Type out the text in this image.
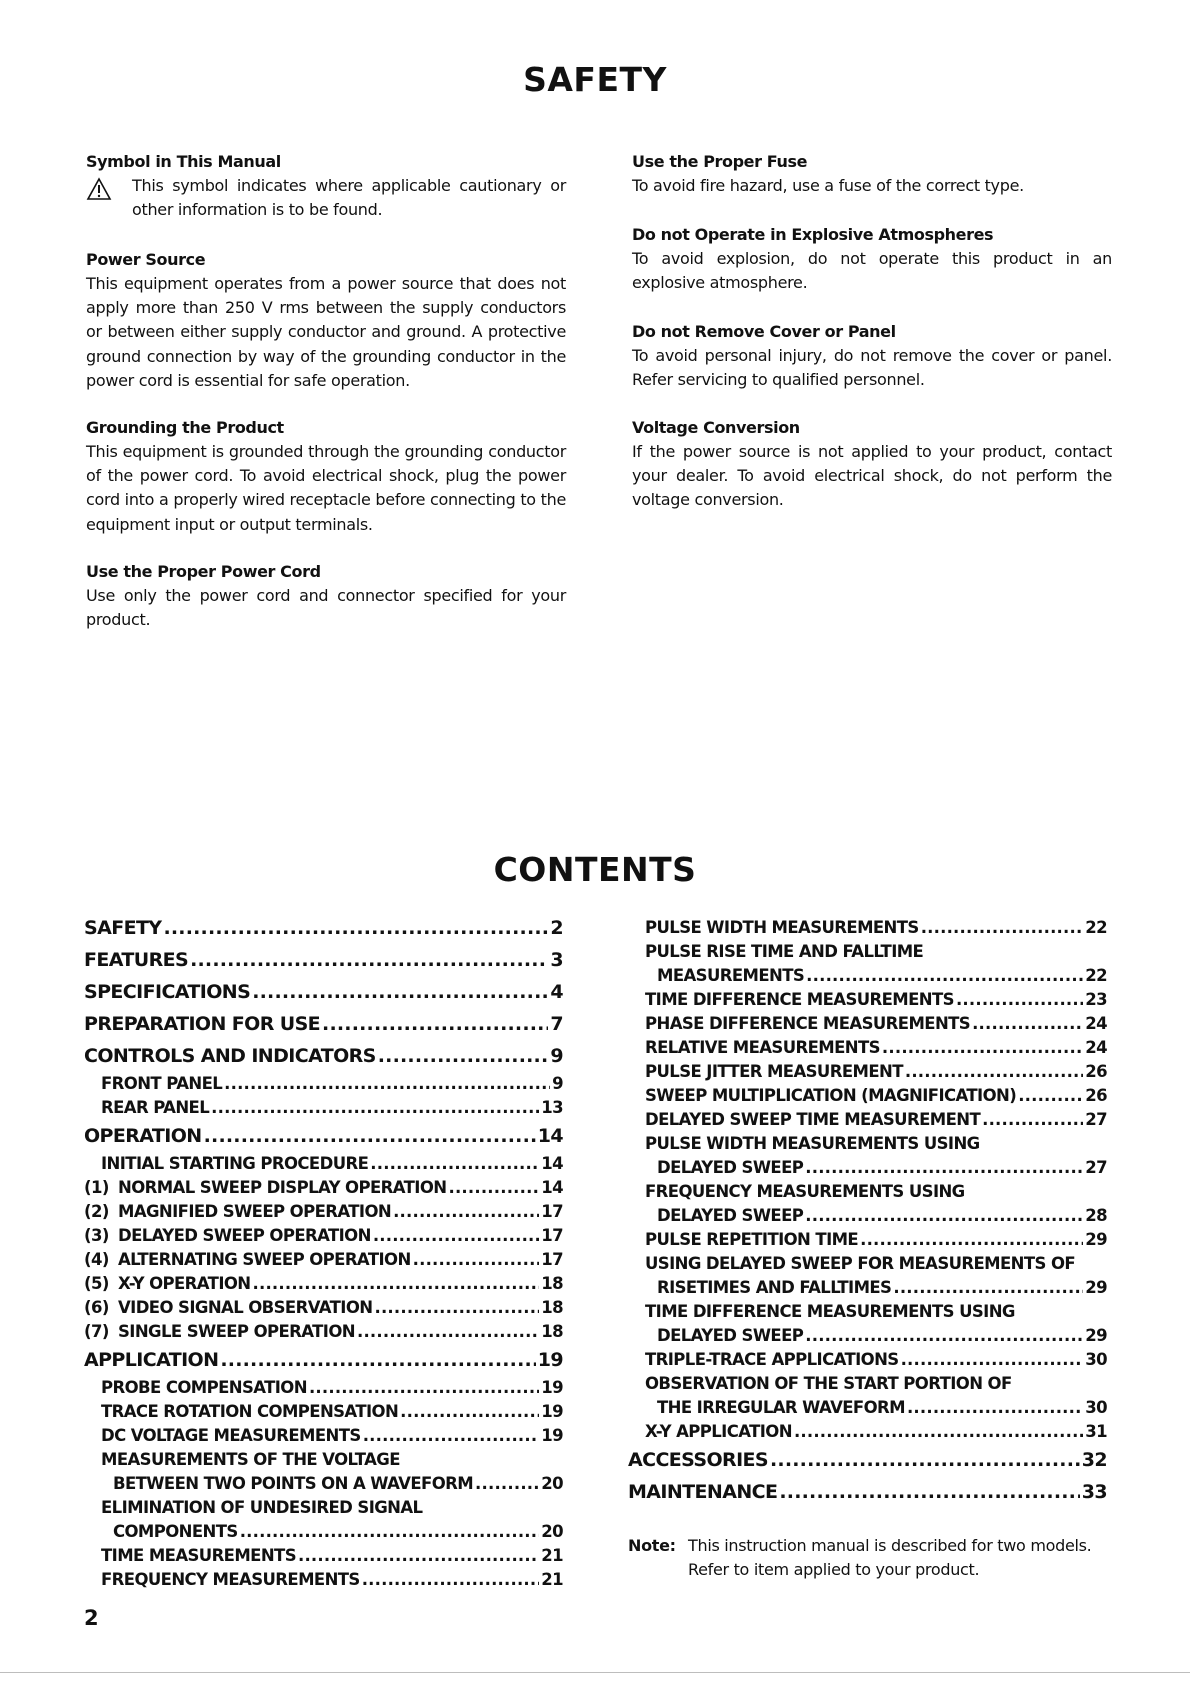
SAFETY
Symbol in This Manual

This symbol indicates where applicable cautionary or other information is to be found.

Power Source

This equipment operates from a power source that does not apply more than 250 V rms between the supply conductors or between either supply conductor and ground. A protective ground connection by way of the grounding conductor in the power cord is essential for safe operation.

Grounding the Product

This equipment is grounded through the grounding conductor of the power cord. To avoid electrical shock, plug the power cord into a properly wired receptacle before connecting to the equipment input or output terminals.

Use the Proper Power Cord

Use only the power cord and connector specified for your product.

Use the Proper Fuse

To avoid fire hazard, use a fuse of the correct type.

Do not Operate in Explosive Atmospheres

To avoid explosion, do not operate this product in an explosive atmosphere.

Do not Remove Cover or Panel

To avoid personal injury, do not remove the cover or panel. Refer servicing to qualified personnel.

Voltage Conversion

If the power source is not applied to your product, contact your dealer. To avoid electrical shock, do not perform the voltage conversion.

CONTENTS
SAFETY .....	2
FEATURES .....	3
SPECIFICATIONS .....	4
PREPARATION FOR USE .....	7
CONTROLS AND INDICATORS .....	9
FRONT PANEL .....	9
REAR PANEL .....	13
OPERATION .....	14
INITIAL STARTING PROCEDURE .....	14
(1) NORMAL SWEEP DISPLAY OPERATION .....	14
(2) MAGNIFIED SWEEP OPERATION .....	17
(3) DELAYED SWEEP OPERATION .....	17
(4) ALTERNATING SWEEP OPERATION .....	17
(5) X-Y OPERATION .....	18
(6) VIDEO SIGNAL OBSERVATION .....	18
(7) SINGLE SWEEP OPERATION .....	18
APPLICATION .....	19
PROBE COMPENSATION .....	19
TRACE ROTATION COMPENSATION .....	19
DC VOLTAGE MEASUREMENTS .....	19
MEASUREMENTS OF THE VOLTAGE
BETWEEN TWO POINTS ON A WAVEFORM .....	20
ELIMINATION OF UNDESIRED SIGNAL
COMPONENTS .....	20
TIME MEASUREMENTS .....	21
FREQUENCY MEASUREMENTS .....	21
PULSE WIDTH MEASUREMENTS .....	22
PULSE RISE TIME AND FALLTIME
MEASUREMENTS .....	22
TIME DIFFERENCE MEASUREMENTS .....	23
PHASE DIFFERENCE MEASUREMENTS .....	24
RELATIVE MEASUREMENTS .....	24
PULSE JITTER MEASUREMENT .....	26
SWEEP MULTIPLICATION (MAGNIFICATION) .....	26
DELAYED SWEEP TIME MEASUREMENT .....	27
PULSE WIDTH MEASUREMENTS USING
DELAYED SWEEP .....	27
FREQUENCY MEASUREMENTS USING
DELAYED SWEEP .....	28
PULSE REPETITION TIME .....	29
USING DELAYED SWEEP FOR MEASUREMENTS OF
RISETIMES AND FALLTIMES .....	29
TIME DIFFERENCE MEASUREMENTS USING
DELAYED SWEEP .....	29
TRIPLE-TRACE APPLICATIONS .....	30
OBSERVATION OF THE START PORTION OF
THE IRREGULAR WAVEFORM .....	30
X-Y APPLICATION .....	31
ACCESSORIES .....	32
MAINTENANCE .....	33
Note: This instruction manual is described for two models.
Refer to item applied to your product.
2
